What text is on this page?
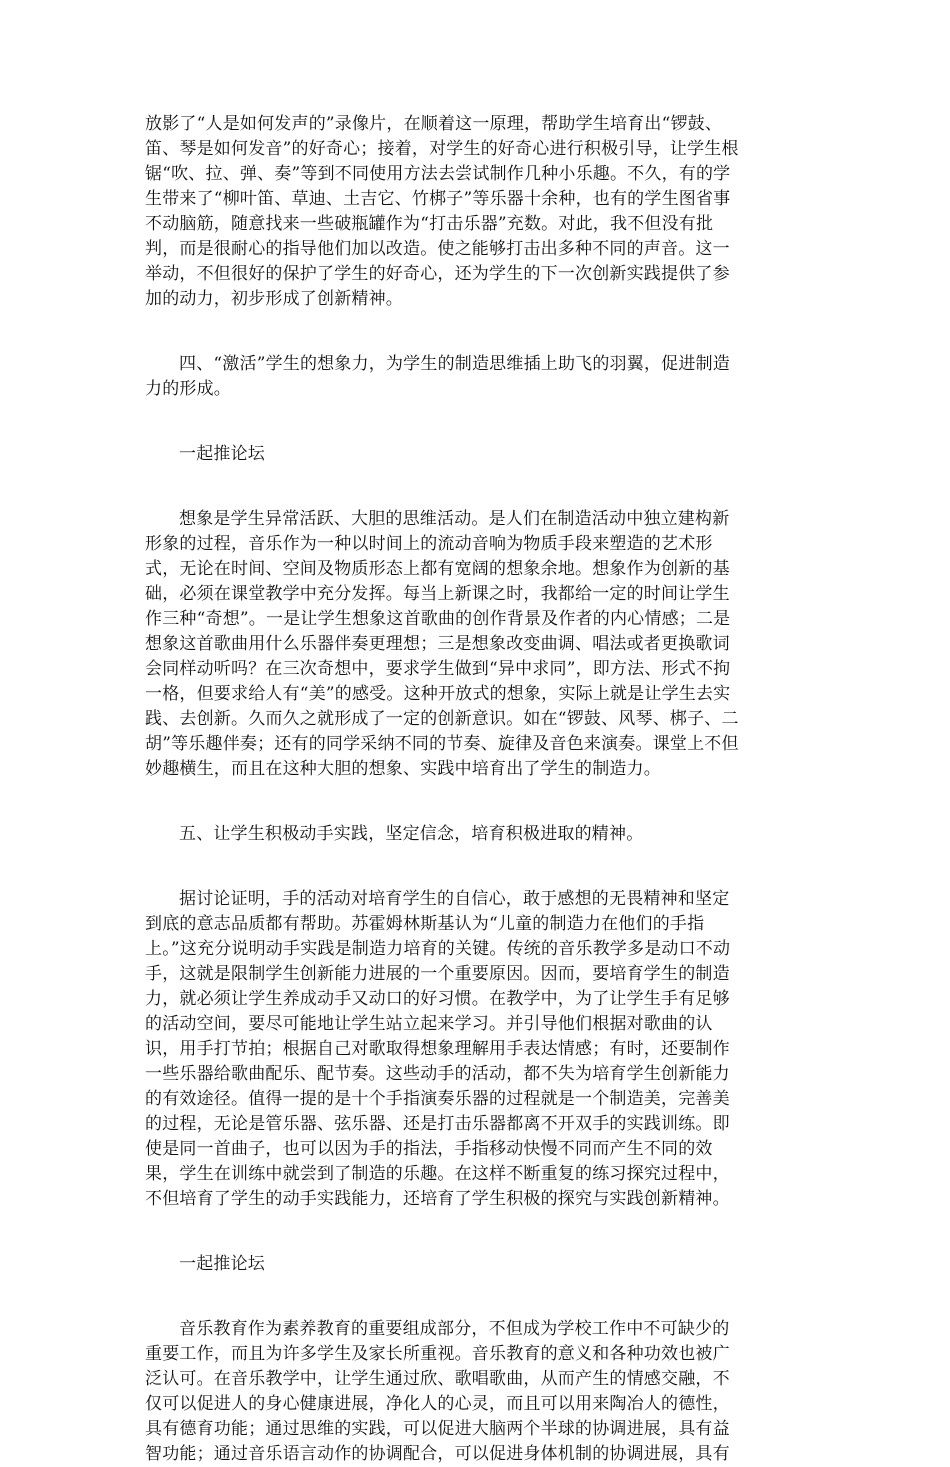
放影了“人是如何发声的”录像片，在顺着这一原理，帮助学生培育出“锣鼓、
笛、琴是如何发音”的好奇心；接着，对学生的好奇心进行积极引导，让学生根
锯“吹、拉、弹、奏”等到不同使用方法去尝试制作几种小乐趣。不久，有的学
生带来了“柳叶笛、草迪、土吉它、竹梆子”等乐器十余种，也有的学生图省事
不动脑筋，随意找来一些破瓶罐作为“打击乐器”充数。对此，我不但没有批
判，而是很耐心的指导他们加以改造。使之能够打击出多种不同的声音。这一
举动，不但很好的保护了学生的好奇心，还为学生的下一次创新实践提供了参
加的动力，初步形成了创新精神。
四、“激活”学生的想象力，为学生的制造思维插上助飞的羽翼，促进制造
力的形成。
一起推论坛
想象是学生异常活跃、大胆的思维活动。是人们在制造活动中独立建构新
形象的过程，音乐作为一种以时间上的流动音响为物质手段来塑造的艺术形
式，无论在时间、空间及物质形态上都有宽阔的想象余地。想象作为创新的基
础，必须在课堂教学中充分发挥。每当上新课之时，我都给一定的时间让学生
作三种“奇想”。一是让学生想象这首歌曲的创作背景及作者的内心情感；二是
想象这首歌曲用什么乐器伴奏更理想；三是想象改变曲调、唱法或者更换歌词
会同样动听吗？在三次奇想中，要求学生做到“异中求同”，即方法、形式不拘
一格，但要求给人有“美”的感受。这种开放式的想象，实际上就是让学生去实
践、去创新。久而久之就形成了一定的创新意识。如在“锣鼓、风琴、梆子、二
胡”等乐趣伴奏；还有的同学采纳不同的节奏、旋律及音色来演奏。课堂上不但
妙趣横生，而且在这种大胆的想象、实践中培育出了学生的制造力。
五、让学生积极动手实践，坚定信念，培育积极进取的精神。
据讨论证明，手的活动对培育学生的自信心，敢于感想的无畏精神和坚定
到底的意志品质都有帮助。苏霍姆林斯基认为“儿童的制造力在他们的手指
上。”这充分说明动手实践是制造力培育的关键。传统的音乐教学多是动口不动
手，这就是限制学生创新能力进展的一个重要原因。因而，要培育学生的制造
力，就必须让学生养成动手又动口的好习惯。在教学中，为了让学生手有足够
的活动空间，要尽可能地让学生站立起来学习。并引导他们根据对歌曲的认
识，用手打节拍；根据自己对歌取得想象理解用手表达情感；有时，还要制作
一些乐器给歌曲配乐、配节奏。这些动手的活动，都不失为培育学生创新能力
的有效途径。值得一提的是十个手指演奏乐器的过程就是一个制造美，完善美
的过程，无论是管乐器、弦乐器、还是打击乐器都离不开双手的实践训练。即
使是同一首曲子，也可以因为手的指法，手指移动快慢不同而产生不同的效
果，学生在训练中就尝到了制造的乐趣。在这样不断重复的练习探究过程中，
不但培育了学生的动手实践能力，还培育了学生积极的探究与实践创新精神。
一起推论坛
音乐教育作为素养教育的重要组成部分，不但成为学校工作中不可缺少的
重要工作，而且为许多学生及家长所重视。音乐教育的意义和各种功效也被广
泛认可。在音乐教学中，让学生通过欣、歌唱歌曲，从而产生的情感交融，不
仅可以促进人的身心健康进展，净化人的心灵，而且可以用来陶冶人的德性，
具有德育功能；通过思维的实践，可以促进大脑两个半球的协调进展，具有益
智功能；通过音乐语言动作的协调配合，可以促进身体机制的协调进展，具有
